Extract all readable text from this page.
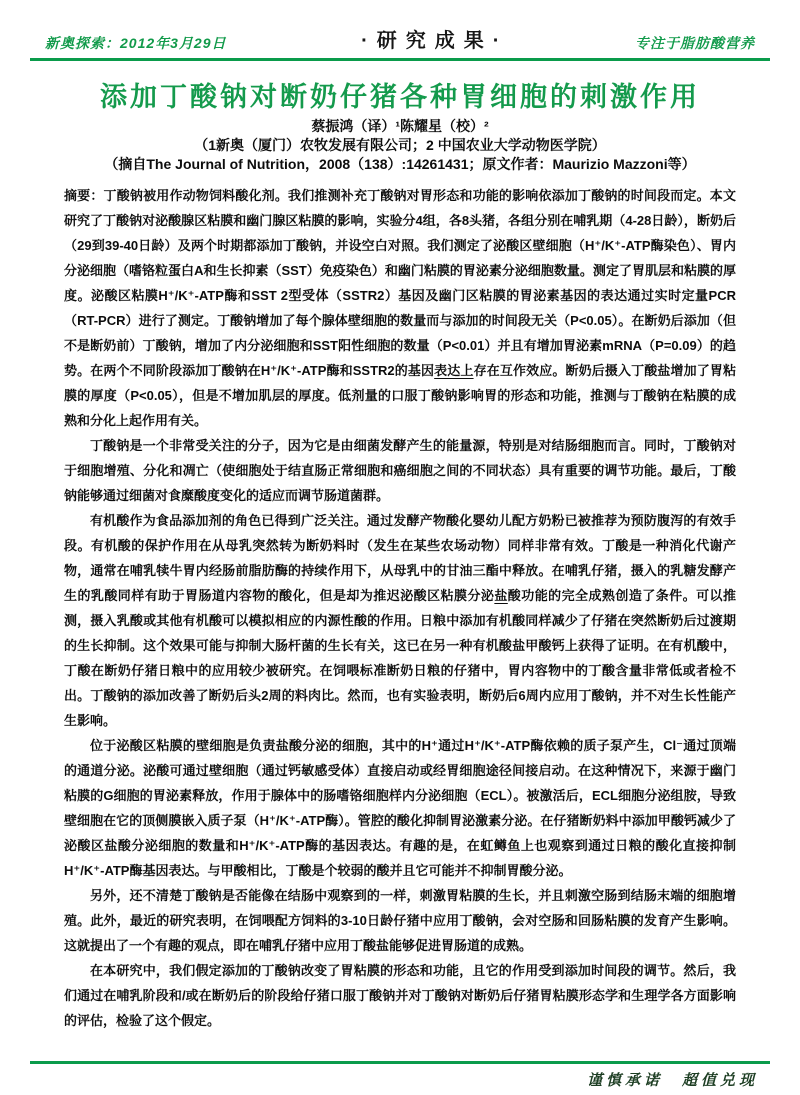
新奥探索：2012年3月29日	·研究成果·	专注于脂肪酸营养
添加丁酸钠对断奶仔猪各种胃细胞的刺激作用
蔡振鸿（译）¹陈耀星（校）²
（1新奥（厦门）农牧发展有限公司；2 中国农业大学动物医学院）
（摘自The Journal of Nutrition，2008（138）:14261431；原文作者：Maurizio Mazzoni等）

摘要：丁酸钠被用作动物饲料酸化剂。我们推测补充丁酸钠对胃形态和功能的影响依添加丁酸钠的时间段而定。本文研究了丁酸钠对泌酸腺区粘膜和幽门腺区粘膜的影响，实验分4组，各8头猪，各组分别在哺乳期（4-28日龄），断奶后（29到39-40日龄）及两个时期都添加丁酸钠，并设空白对照。我们测定了泌酸区壁细胞（H⁺/K⁺-ATP酶染色）、胃内分泌细胞（嗜铬粒蛋白A和生长抑素（SST）免疫染色）和幽门粘膜的胃泌素分泌细胞数量。测定了胃肌层和粘膜的厚度。泌酸区粘膜H⁺/K⁺-ATP酶和SST 2型受体（SSTR2）基因及幽门区粘膜的胃泌素基因的表达通过实时定量PCR（RT-PCR）进行了测定。丁酸钠增加了每个腺体壁细胞的数量而与添加的时间段无关（P<0.05）。在断奶后添加（但不是断奶前）丁酸钠，增加了内分泌细胞和SST阳性细胞的数量（P<0.01）并且有增加胃泌素mRNA（P=0.09）的趋势。在两个不同阶段添加丁酸钠在H⁺/K⁺-ATP酶和SSTR2的基因表达上存在互作效应。断奶后摄入丁酸盐增加了胃粘膜的厚度（P<0.05），但是不增加肌层的厚度。低剂量的口服丁酸钠影响胃的形态和功能，推测与丁酸钠在粘膜的成熟和分化上起作用有关。

丁酸钠是一个非常受关注的分子，因为它是由细菌发酵产生的能量源，特别是对结肠细胞而言。同时，丁酸钠对于细胞增殖、分化和凋亡（使细胞处于结直肠正常细胞和癌细胞之间的不同状态）具有重要的调节功能。最后，丁酸钠能够通过细菌对食糜酸度变化的适应而调节肠道菌群。

有机酸作为食品添加剂的角色已得到广泛关注。通过发酵产物酸化婴幼儿配方奶粉已被推荐为预防腹泻的有效手段。有机酸的保护作用在从母乳突然转为断奶料时（发生在某些农场动物）同样非常有效。丁酸是一种消化代谢产物，通常在哺乳犊牛胃内经肠前脂肪酶的持续作用下，从母乳中的甘油三酯中释放。在哺乳仔猪，摄入的乳糖发酵产生的乳酸同样有助于胃肠道内容物的酸化，但是却为推迟泌酸区粘膜分泌盐酸功能的完全成熟创造了条件。可以推测，摄入乳酸或其他有机酸可以模拟相应的内源性酸的作用。日粮中添加有机酸同样减少了仔猪在突然断奶后过渡期的生长抑制。这个效果可能与抑制大肠杆菌的生长有关，这已在另一种有机酸盐甲酸钙上获得了证明。在有机酸中，丁酸在断奶仔猪日粮中的应用较少被研究。在饲喂标准断奶日粮的仔猪中，胃内容物中的丁酸含量非常低或者检不出。丁酸钠的添加改善了断奶后头2周的料肉比。然而，也有实验表明，断奶后6周内应用丁酸钠，并不对生长性能产生影响。

位于泌酸区粘膜的壁细胞是负责盐酸分泌的细胞，其中的H⁺通过H⁺/K⁺-ATP酶依赖的质子泵产生，Cl⁻通过顶端的通道分泌。泌酸可通过壁细胞（通过钙敏感受体）直接启动或经胃细胞途径间接启动。在这种情况下，来源于幽门粘膜的G细胞的胃泌素释放，作用于腺体中的肠嗜铬细胞样内分泌细胞（ECL）。被激活后，ECL细胞分泌组胺，导致壁细胞在它的顶侧膜嵌入质子泵（H⁺/K⁺-ATP酶）。管腔的酸化抑制胃泌激素分泌。在仔猪断奶料中添加甲酸钙减少了泌酸区盐酸分泌细胞的数量和H⁺/K⁺-ATP酶的基因表达。有趣的是，在虹鳟鱼上也观察到通过日粮的酸化直接抑制H⁺/K⁺-ATP酶基因表达。与甲酸相比，丁酸是个较弱的酸并且它可能并不抑制胃酸分泌。

另外，还不清楚丁酸钠是否能像在结肠中观察到的一样，刺激胃粘膜的生长，并且刺激空肠到结肠末端的细胞增殖。此外，最近的研究表明，在饲喂配方饲料的3-10日龄仔猪中应用丁酸钠，会对空肠和回肠粘膜的发育产生影响。这就提出了一个有趣的观点，即在哺乳仔猪中应用丁酸盐能够促进胃肠道的成熟。

在本研究中，我们假定添加的丁酸钠改变了胃粘膜的形态和功能，且它的作用受到添加时间段的调节。然后，我们通过在哺乳阶段和/或在断奶后的阶段给仔猪口服丁酸钠并对丁酸钠对断奶后仔猪胃粘膜形态学和生理学各方面影响的评估，检验了这个假定。

谨慎承诺　超值兑现
